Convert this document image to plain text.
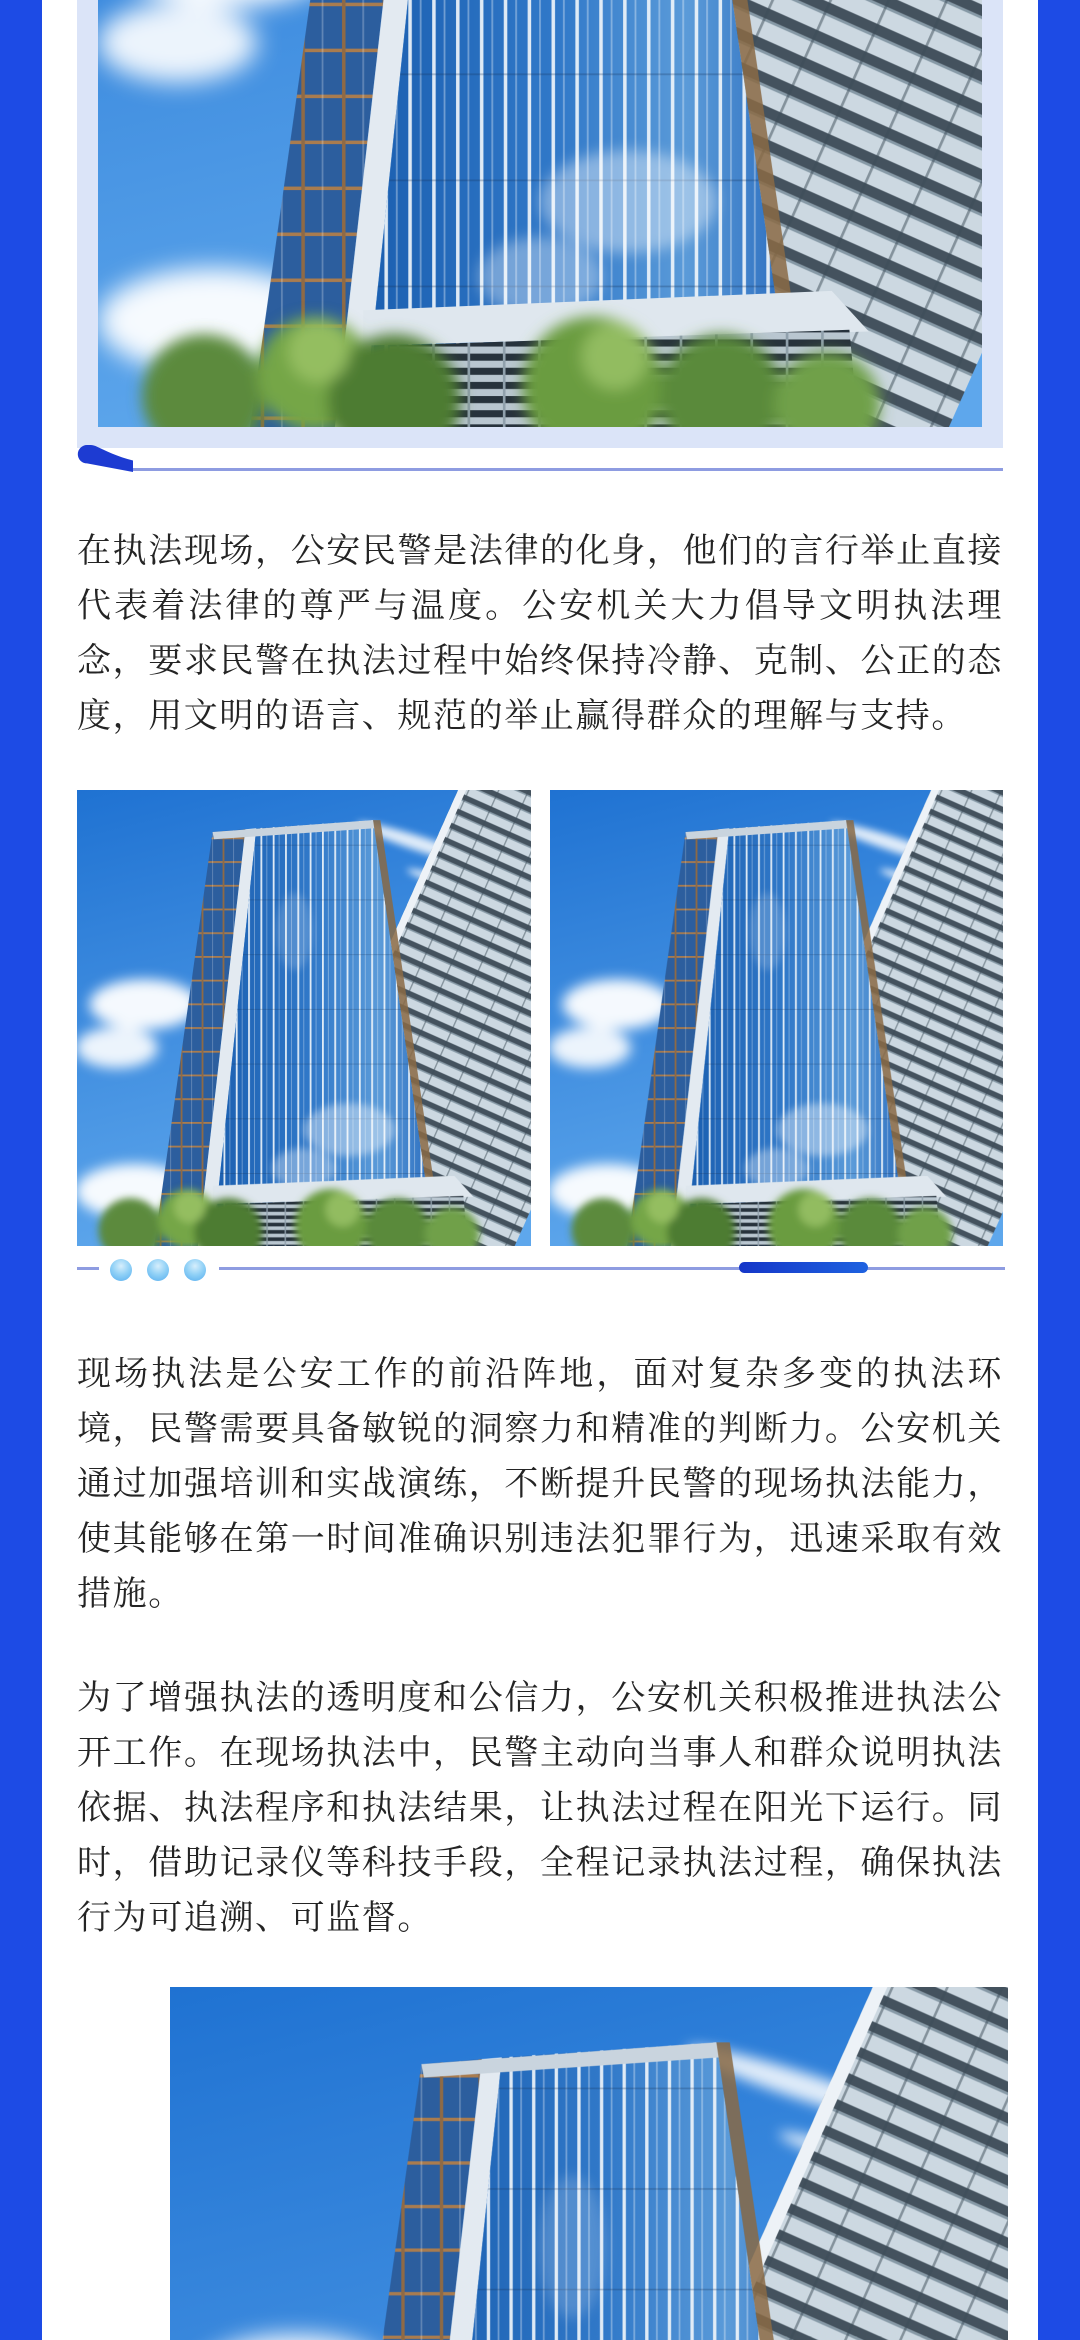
在执法现场，公安民警是法律的化身，他们的言行举止直接代表着法律的尊严与温度。公安机关大力倡导文明执法理念，要求民警在执法过程中始终保持冷静、克制、公正的态度，用文明的语言、规范的举止赢得群众的理解与支持。

现场执法是公安工作的前沿阵地，面对复杂多变的执法环境，民警需要具备敏锐的洞察力和精准的判断力。公安机关通过加强培训和实战演练，不断提升民警的现场执法能力，使其能够在第一时间准确识别违法犯罪行为，迅速采取有效措施。

为了增强执法的透明度和公信力，公安机关积极推进执法公开工作。在现场执法中，民警主动向当事人和群众说明执法依据、执法程序和执法结果，让执法过程在阳光下运行。同时，借助记录仪等科技手段，全程记录执法过程，确保执法行为可追溯、可监督。
